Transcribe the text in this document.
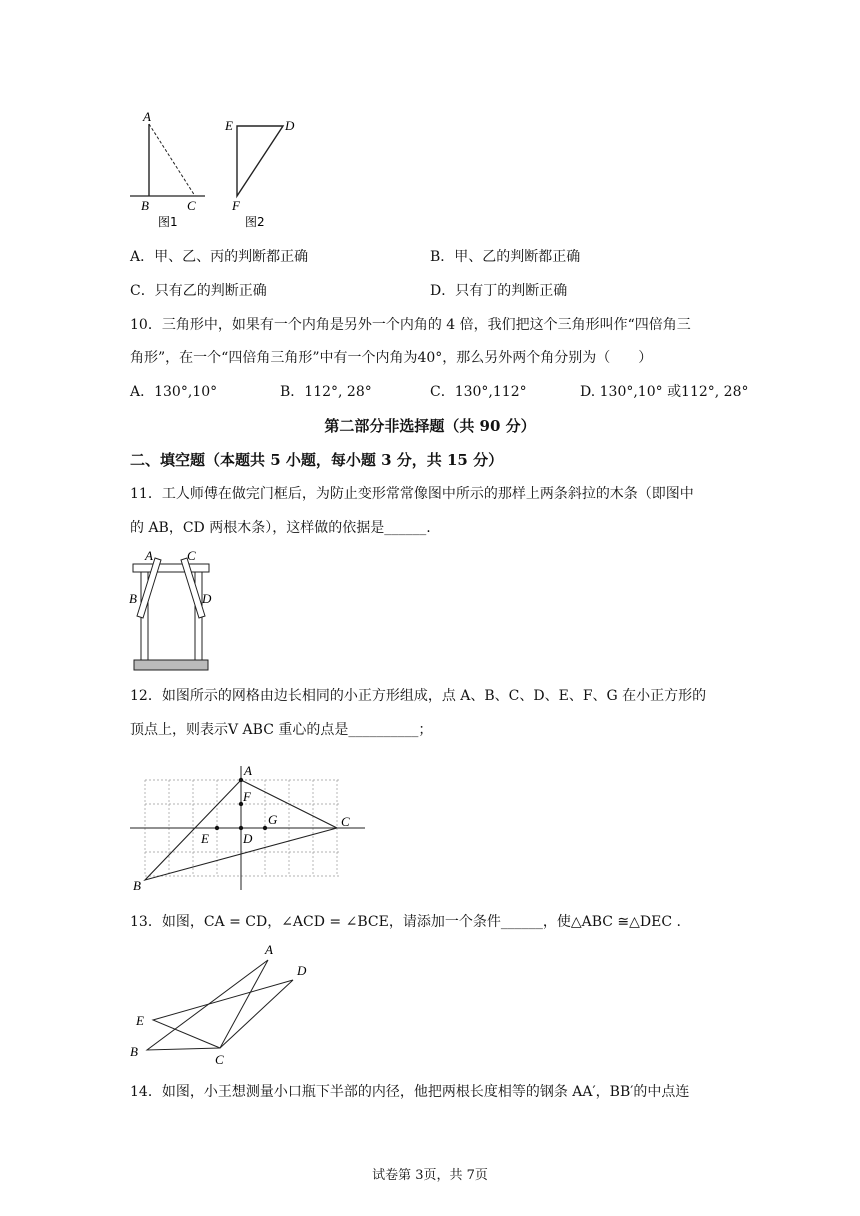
A
B	C
图1
E	D
F
图2
A．甲、乙、丙的判断都正确	B．甲、乙的判断都正确
C．只有乙的判断正确	D．只有丁的判断正确
10．三角形中，如果有一个内角是另外一个内角的 4 倍，我们把这个三角形叫作“四倍角三
角形”，在一个“四倍角三角形”中有一个内角为40°，那么另外两个角分别为（　　）
A．130°,10°	B．112°, 28°	C．130°,112°	D. 130°,10° 或112°, 28°
第二部分非选择题（共 90 分）
二、填空题（本题共 5 小题，每小题 3 分，共 15 分）
11．工人师傅在做完门框后，为防止变形常常像图中所示的那样上两条斜拉的木条（即图中
的 AB，CD 两根木条），这样做的依据是______.
A	C
B	D
12．如图所示的网格由边长相同的小正方形组成，点 A、B、C、D、E、F、G 在小正方形的
顶点上，则表示V ABC 重心的点是__________；
A
F
E	D
G	C
B
13．如图，CA = CD，∠ACD = ∠BCE，请添加一个条件______，使△ABC ≅△DEC .
A
D
E
B
C
14．如图，小王想测量小口瓶下半部的内径，他把两根长度相等的钢条 AA′，BB′的中点连
试卷第 3页，共 7页
